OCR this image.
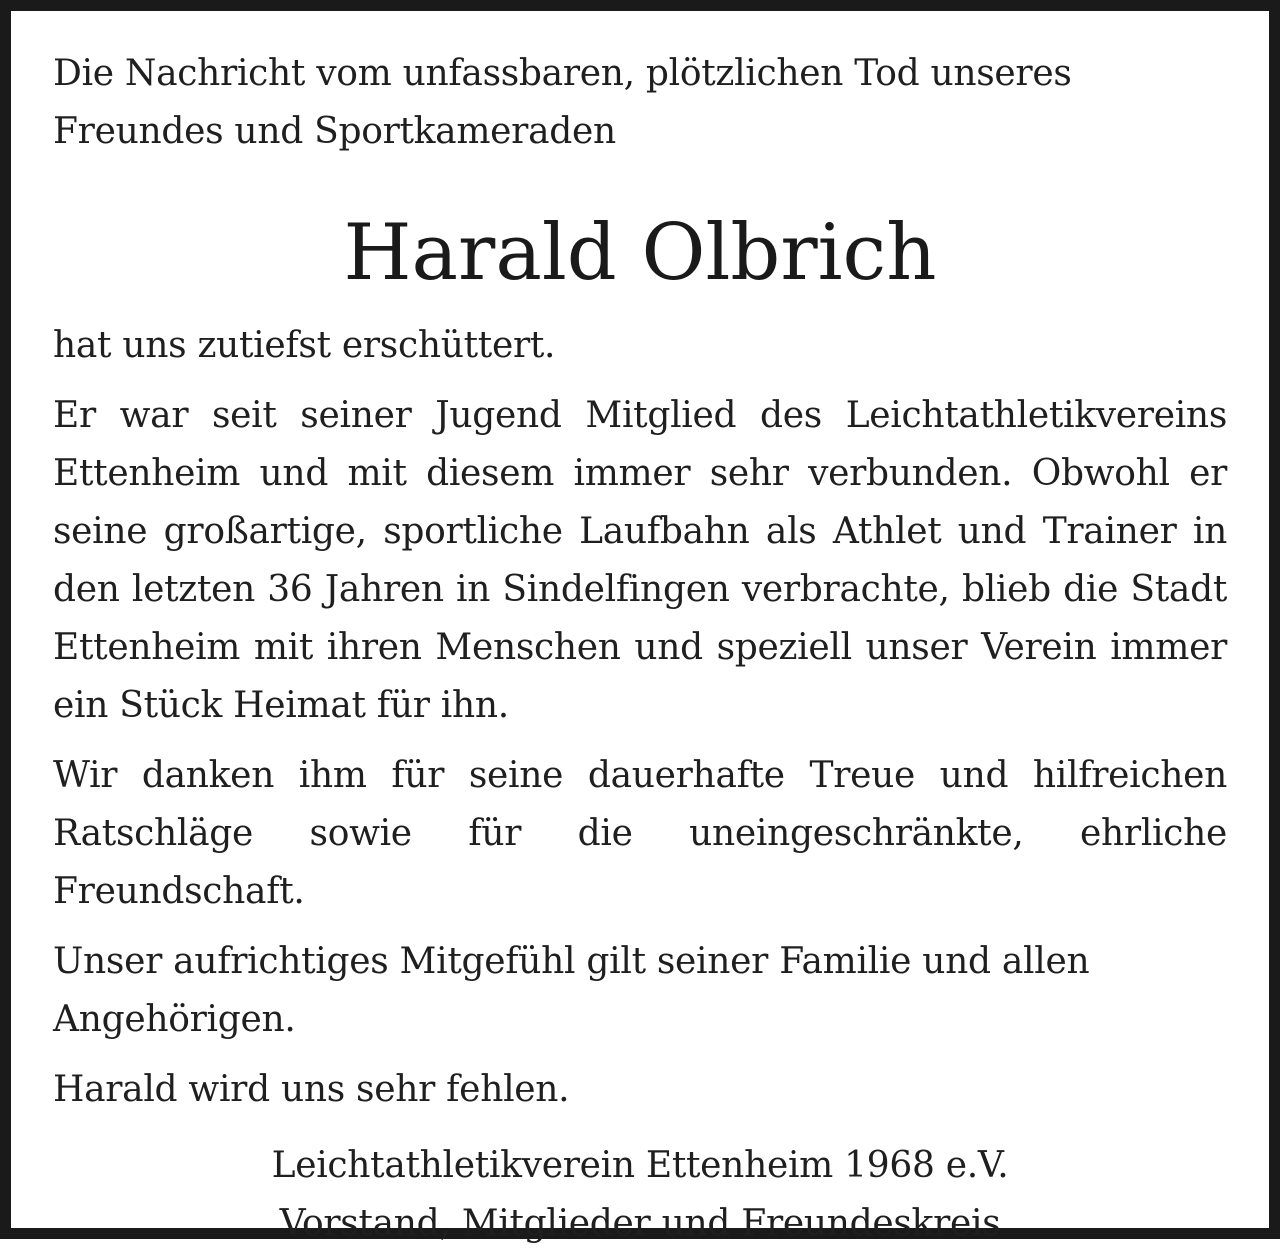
Die Nachricht vom unfassbaren, plötzlichen Tod unseres Freundes und Sportkameraden

Harald Olbrich

hat uns zutiefst erschüttert.

Er war seit seiner Jugend Mitglied des Leichtathletikvereins Ettenheim und mit diesem immer sehr verbunden. Obwohl er seine großartige, sportliche Laufbahn als Athlet und Trainer in den letzten 36 Jahren in Sindelfingen verbrachte, blieb die Stadt Ettenheim mit ihren Menschen und speziell unser Verein immer ein Stück Heimat für ihn.

Wir danken ihm für seine dauerhafte Treue und hilfreichen Ratschläge sowie für die uneingeschränkte, ehrliche Freundschaft.

Unser aufrichtiges Mitgefühl gilt seiner Familie und allen Angehörigen.

Harald wird uns sehr fehlen.

Leichtathletikverein Ettenheim 1968 e.V.

Vorstand, Mitglieder und Freundeskreis
